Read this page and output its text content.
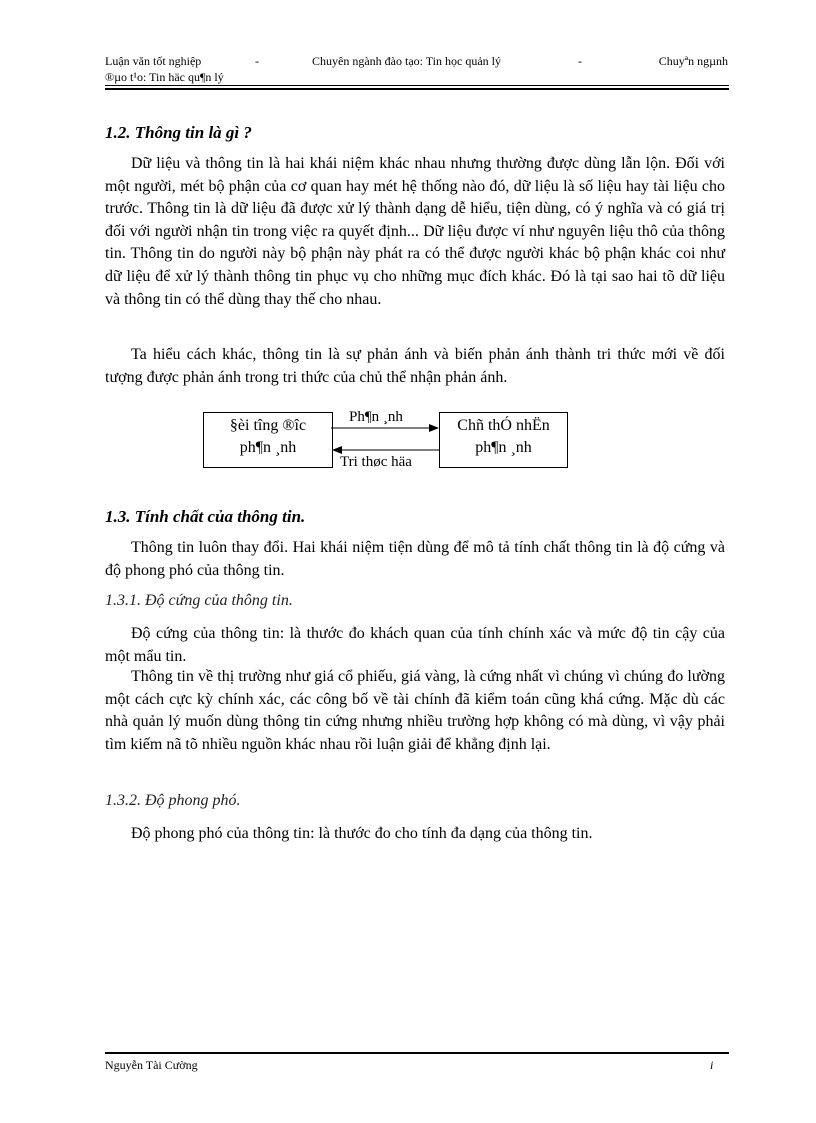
Luận văn tốt nghiệp	-	Chuyên ngành đào tạo: Tin học quản lý	-	Chuyªn ngµnh
®µo t¹o: Tin häc qu¶n lý
1.2. Thông tin là gì ?
Dữ liệu và thông tin là hai khái niệm khác nhau nhưng thường được dùng lẫn lộn. Đối với một người, mét bộ phận của cơ quan hay mét hệ thống nào đó, dữ liệu là số liệu hay tài liệu cho trước. Thông tin là dữ liệu đã được xử lý thành dạng dễ hiểu, tiện dùng, có ý nghĩa và có giá trị đối với người nhận tin trong việc ra quyết định... Dữ liệu được ví như nguyên liệu thô của thông tin. Thông tin do người này bộ phận này phát ra có thể được người khác bộ phận khác coi như dữ liệu để xử lý thành thông tin phục vụ cho những mục đích khác. Đó là tại sao hai tõ dữ liệu và thông tin có thể dùng thay thế cho nhau.
Ta hiểu cách khác, thông tin là sự phản ánh và biến phản ánh thành tri thức mới về đối tượng được phản ánh trong tri thức của chủ thể nhận phản ánh.
§èi tîng ®îc
ph¶n ¸nh
Chñ thÓ nhËn
ph¶n ¸nh
Ph¶n ¸nh
Tri thøc häa
1.3. Tính chất của thông tin.
Thông tin luôn thay đổi. Hai khái niệm tiện dùng để mô tả tính chất thông tin là độ cứng và độ phong phó của thông tin.
1.3.1. Độ cứng của thông tin.
Độ cứng của thông tin: là thước đo khách quan của tính chính xác và mức độ tin cậy của một mẩu tin.
Thông tin về thị trường như giá cổ phiếu, giá vàng, là cứng nhất vì chúng vì chúng đo lường một cách cực kỳ chính xác, các công bố về tài chính đã kiểm toán cũng khá cứng. Mặc dù các nhà quản lý muốn dùng thông tin cứng nhưng nhiều trường hợp không có mà dùng, vì vậy phải tìm kiếm nã tõ nhiều nguồn khác nhau rồi luận giải để khẳng định lại.
1.3.2. Độ phong phó.
Độ phong phó của thông tin: là thước đo cho tính đa dạng của thông tin.
Nguyễn Tài Cường	i
